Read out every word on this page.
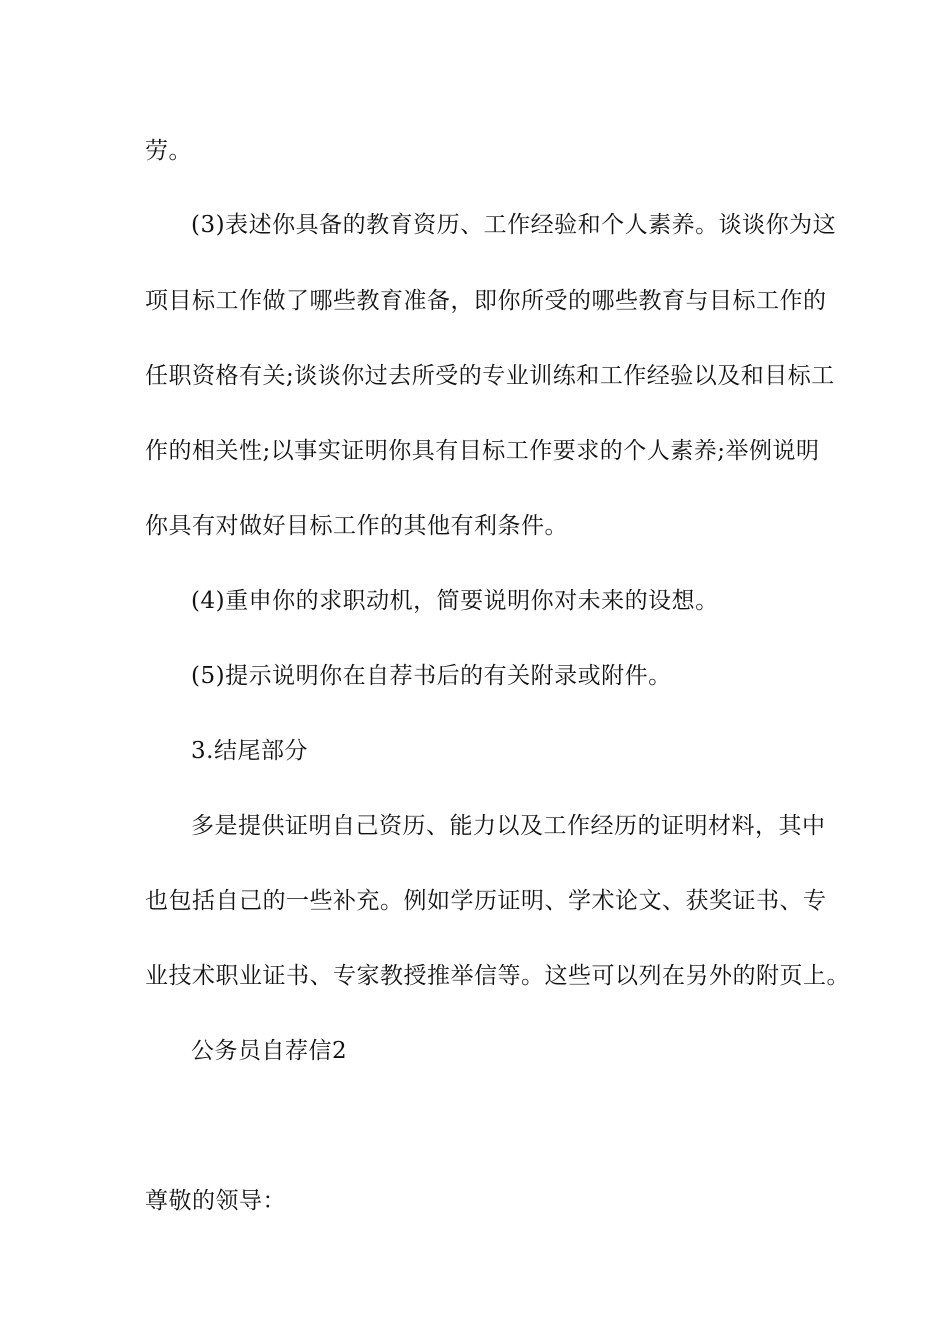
劳。
(3)表述你具备的教育资历、工作经验和个人素养。谈谈你为这
项目标工作做了哪些教育准备，即你所受的哪些教育与目标工作的
任职资格有关;谈谈你过去所受的专业训练和工作经验以及和目标工
作的相关性;以事实证明你具有目标工作要求的个人素养;举例说明
你具有对做好目标工作的其他有利条件。
(4)重申你的求职动机，简要说明你对未来的设想。
(5)提示说明你在自荐书后的有关附录或附件。
3.结尾部分
多是提供证明自己资历、能力以及工作经历的证明材料，其中
也包括自己的一些补充。例如学历证明、学术论文、获奖证书、专
业技术职业证书、专家教授推举信等。这些可以列在另外的附页上。
公务员自荐信2
尊敬的领导：
